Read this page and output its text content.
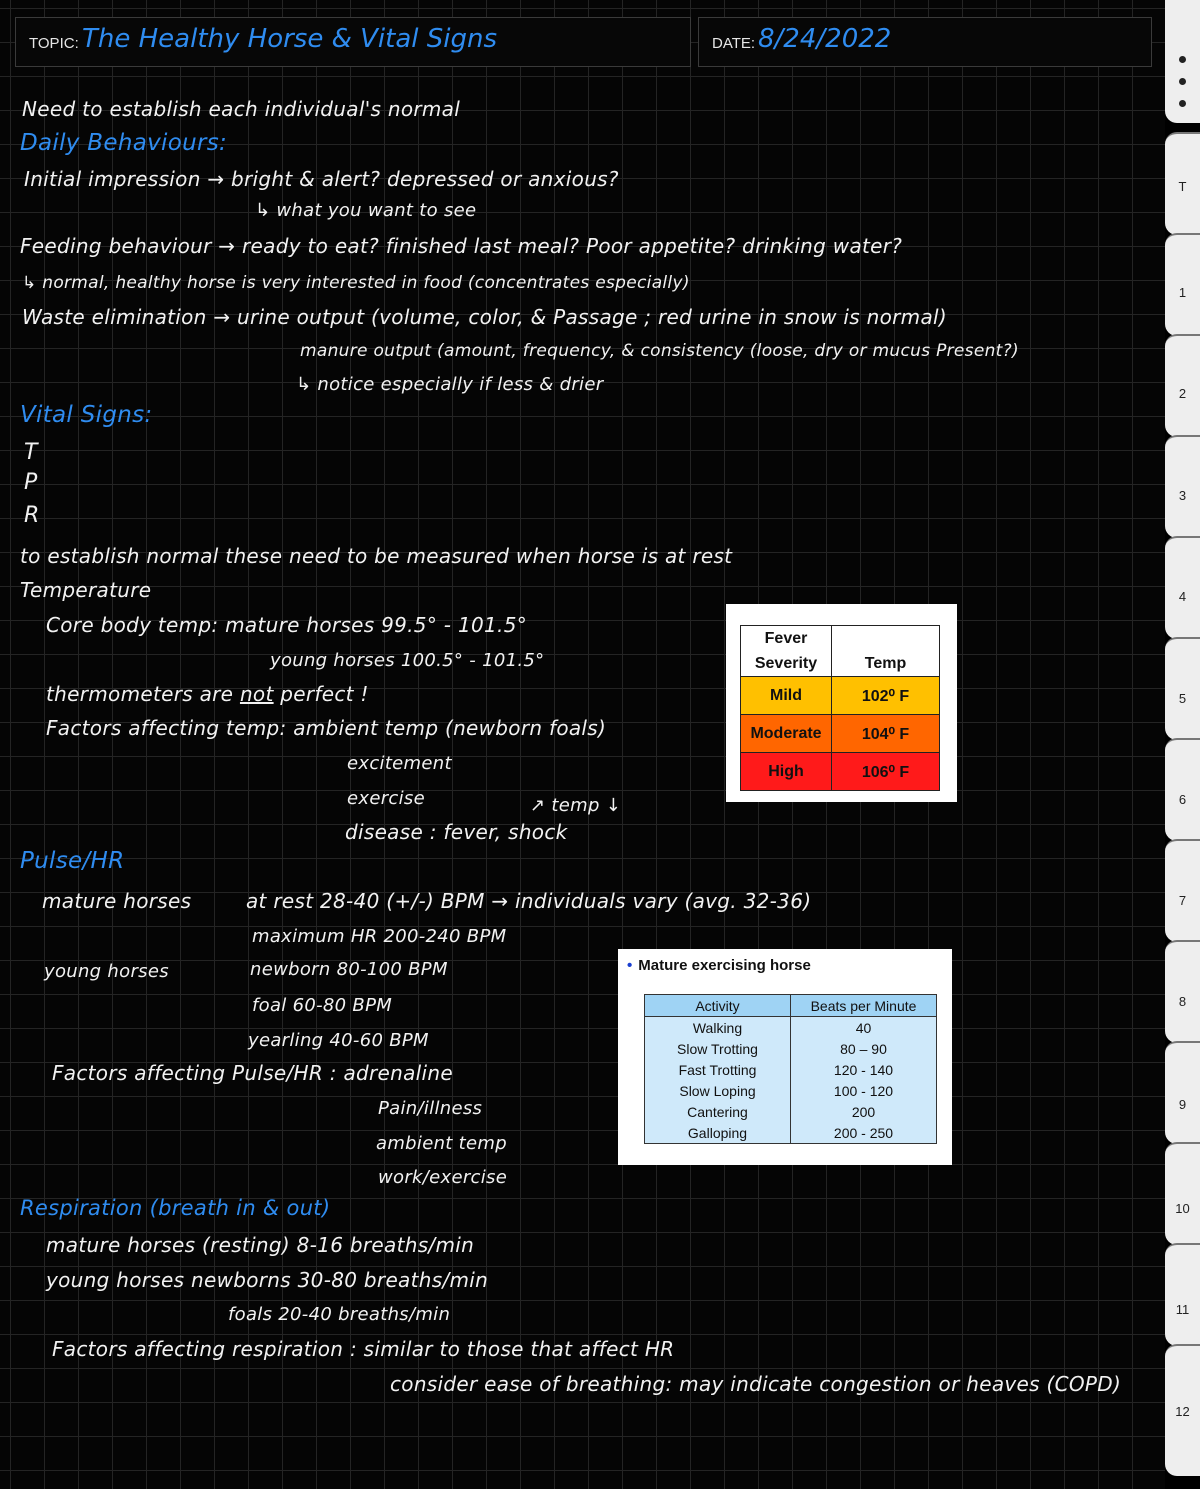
TOPIC: The Healthy Horse & Vital Signs	DATE: 8/24/2022
Need to establish each individual's normal
Daily Behaviours:
Initial impression → bright & alert? depressed or anxious?
↳ what you want to see
Feeding behaviour → ready to eat? finished last meal? Poor appetite? drinking water?
↳ normal, healthy horse is very interested in food (concentrates especially)
Waste elimination → urine output (volume, color, & Passage ; red urine in snow is normal)
manure output (amount, frequency, & consistency (loose, dry or mucus Present?)
↳ notice especially if less & drier
Vital Signs:
T
P
R
to establish normal these need to be measured when horse is at rest
Temperature
Core body temp: mature horses 99.5° - 101.5°
young horses 100.5° - 101.5°
thermometers are not perfect !
Factors affecting temp: ambient temp (newborn foals)
excitement
exercise	↗ temp ↓
disease : fever, shock
Pulse/HR
mature horses	at rest 28-40 (+/-) BPM → individuals vary (avg. 32-36)
maximum HR 200-240 BPM
young horses	newborn 80-100 BPM
foal 60-80 BPM
yearling 40-60 BPM
Factors affecting Pulse/HR : adrenaline
Pain/illness
ambient temp
work/exercise
Respiration (breath in & out)
mature horses (resting) 8-16 breaths/min
young horses newborns 30-80 breaths/min
foals 20-40 breaths/min
Factors affecting respiration : similar to those that affect HR
consider ease of breathing: may indicate congestion or heaves (COPD)
Fever
Severity	Temp
Mild	102⁰ F
Moderate	104⁰ F
High	106⁰ F
• Mature exercising horse
Activity	Beats per Minute
Walking	40
Slow Trotting	80 – 90
Fast Trotting	120 - 140
Slow Loping	100 - 120
Cantering	200
Galloping	200 - 250
T
1
2
3
4
5
6
7
8
9
10
11
12
